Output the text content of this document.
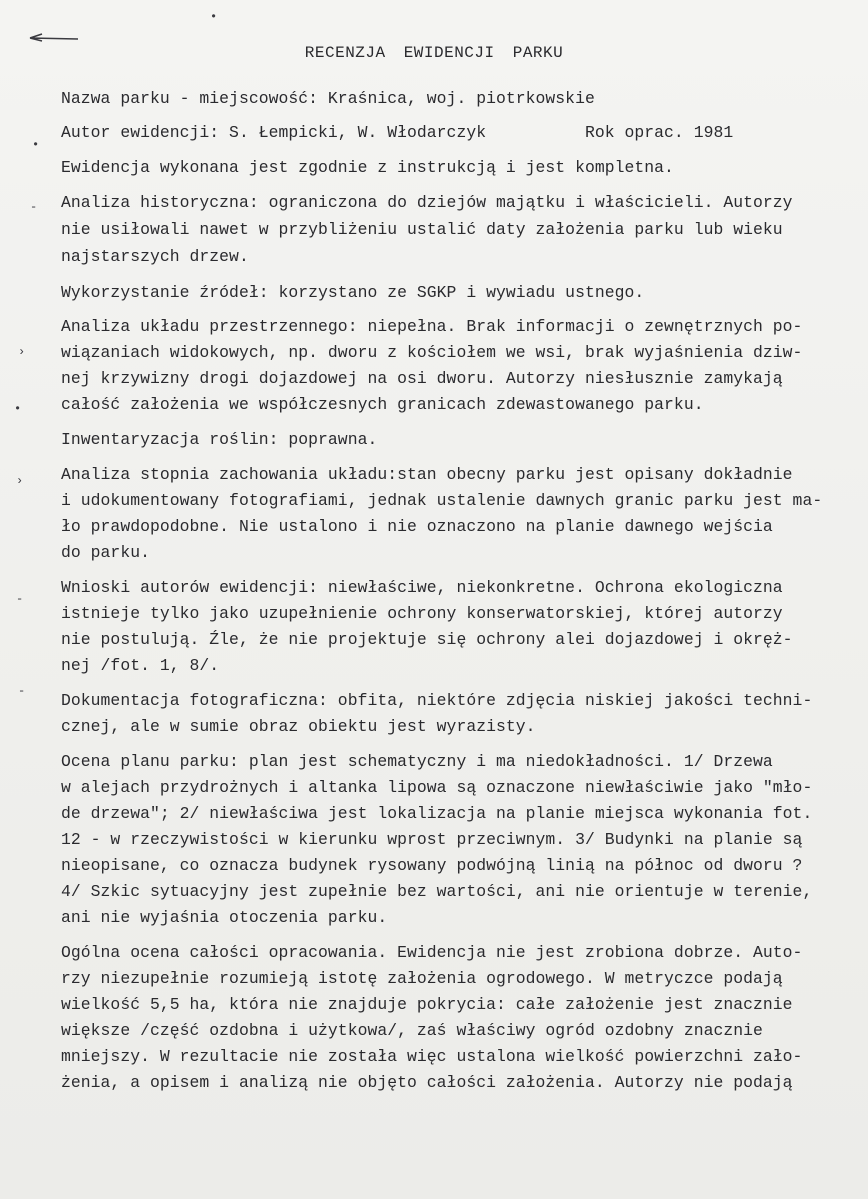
•
•
-
›
•
›
-
-
RECENZJA EWIDENCJI PARKU
Nazwa parku - miejscowość: Kraśnica, woj. piotrkowskie
Autor ewidencji: S. Łempicki, W. Włodarczyk          Rok oprac. 1981
Ewidencja wykonana jest zgodnie z instrukcją i jest kompletna.
Analiza historyczna: ograniczona do dziejów majątku i właścicieli. Autorzy
nie usiłowali nawet w przybliżeniu ustalić daty założenia parku lub wieku
najstarszych drzew.
Wykorzystanie źródeł: korzystano ze SGKP i wywiadu ustnego.
Analiza układu przestrzennego: niepełna. Brak informacji o zewnętrznych po-
wiązaniach widokowych, np. dworu z kościołem we wsi, brak wyjaśnienia dziw-
nej krzywizny drogi dojazdowej na osi dworu. Autorzy niesłusznie zamykają
całość założenia we współczesnych granicach zdewastowanego parku.
Inwentaryzacja roślin: poprawna.
Analiza stopnia zachowania układu:stan obecny parku jest opisany dokładnie
i udokumentowany fotografiami, jednak ustalenie dawnych granic parku jest ma-
ło prawdopodobne. Nie ustalono i nie oznaczono na planie dawnego wejścia
do parku.
Wnioski autorów ewidencji: niewłaściwe, niekonkretne. Ochrona ekologiczna
istnieje tylko jako uzupełnienie ochrony konserwatorskiej, której autorzy
nie postulują. Źle, że nie projektuje się ochrony alei dojazdowej i okręż-
nej /fot. 1, 8/.
Dokumentacja fotograficzna: obfita, niektóre zdjęcia niskiej jakości techni-
cznej, ale w sumie obraz obiektu jest wyrazisty.
Ocena planu parku: plan jest schematyczny i ma niedokładności. 1/ Drzewa
w alejach przydrożnych i altanka lipowa są oznaczone niewłaściwie jako "mło-
de drzewa"; 2/ niewłaściwa jest lokalizacja na planie miejsca wykonania fot.
12 - w rzeczywistości w kierunku wprost przeciwnym. 3/ Budynki na planie są
nieopisane, co oznacza budynek rysowany podwójną linią na północ od dworu ?
4/ Szkic sytuacyjny jest zupełnie bez wartości, ani nie orientuje w terenie,
ani nie wyjaśnia otoczenia parku.
Ogólna ocena całości opracowania. Ewidencja nie jest zrobiona dobrze. Auto-
rzy niezupełnie rozumieją istotę założenia ogrodowego. W metryczce podają
wielkość 5,5 ha, która nie znajduje pokrycia: całe założenie jest znacznie
większe /część ozdobna i użytkowa/, zaś właściwy ogród ozdobny znacznie
mniejszy. W rezultacie nie została więc ustalona wielkość powierzchni zało-
żenia, a opisem i analizą nie objęto całości założenia. Autorzy nie podają
